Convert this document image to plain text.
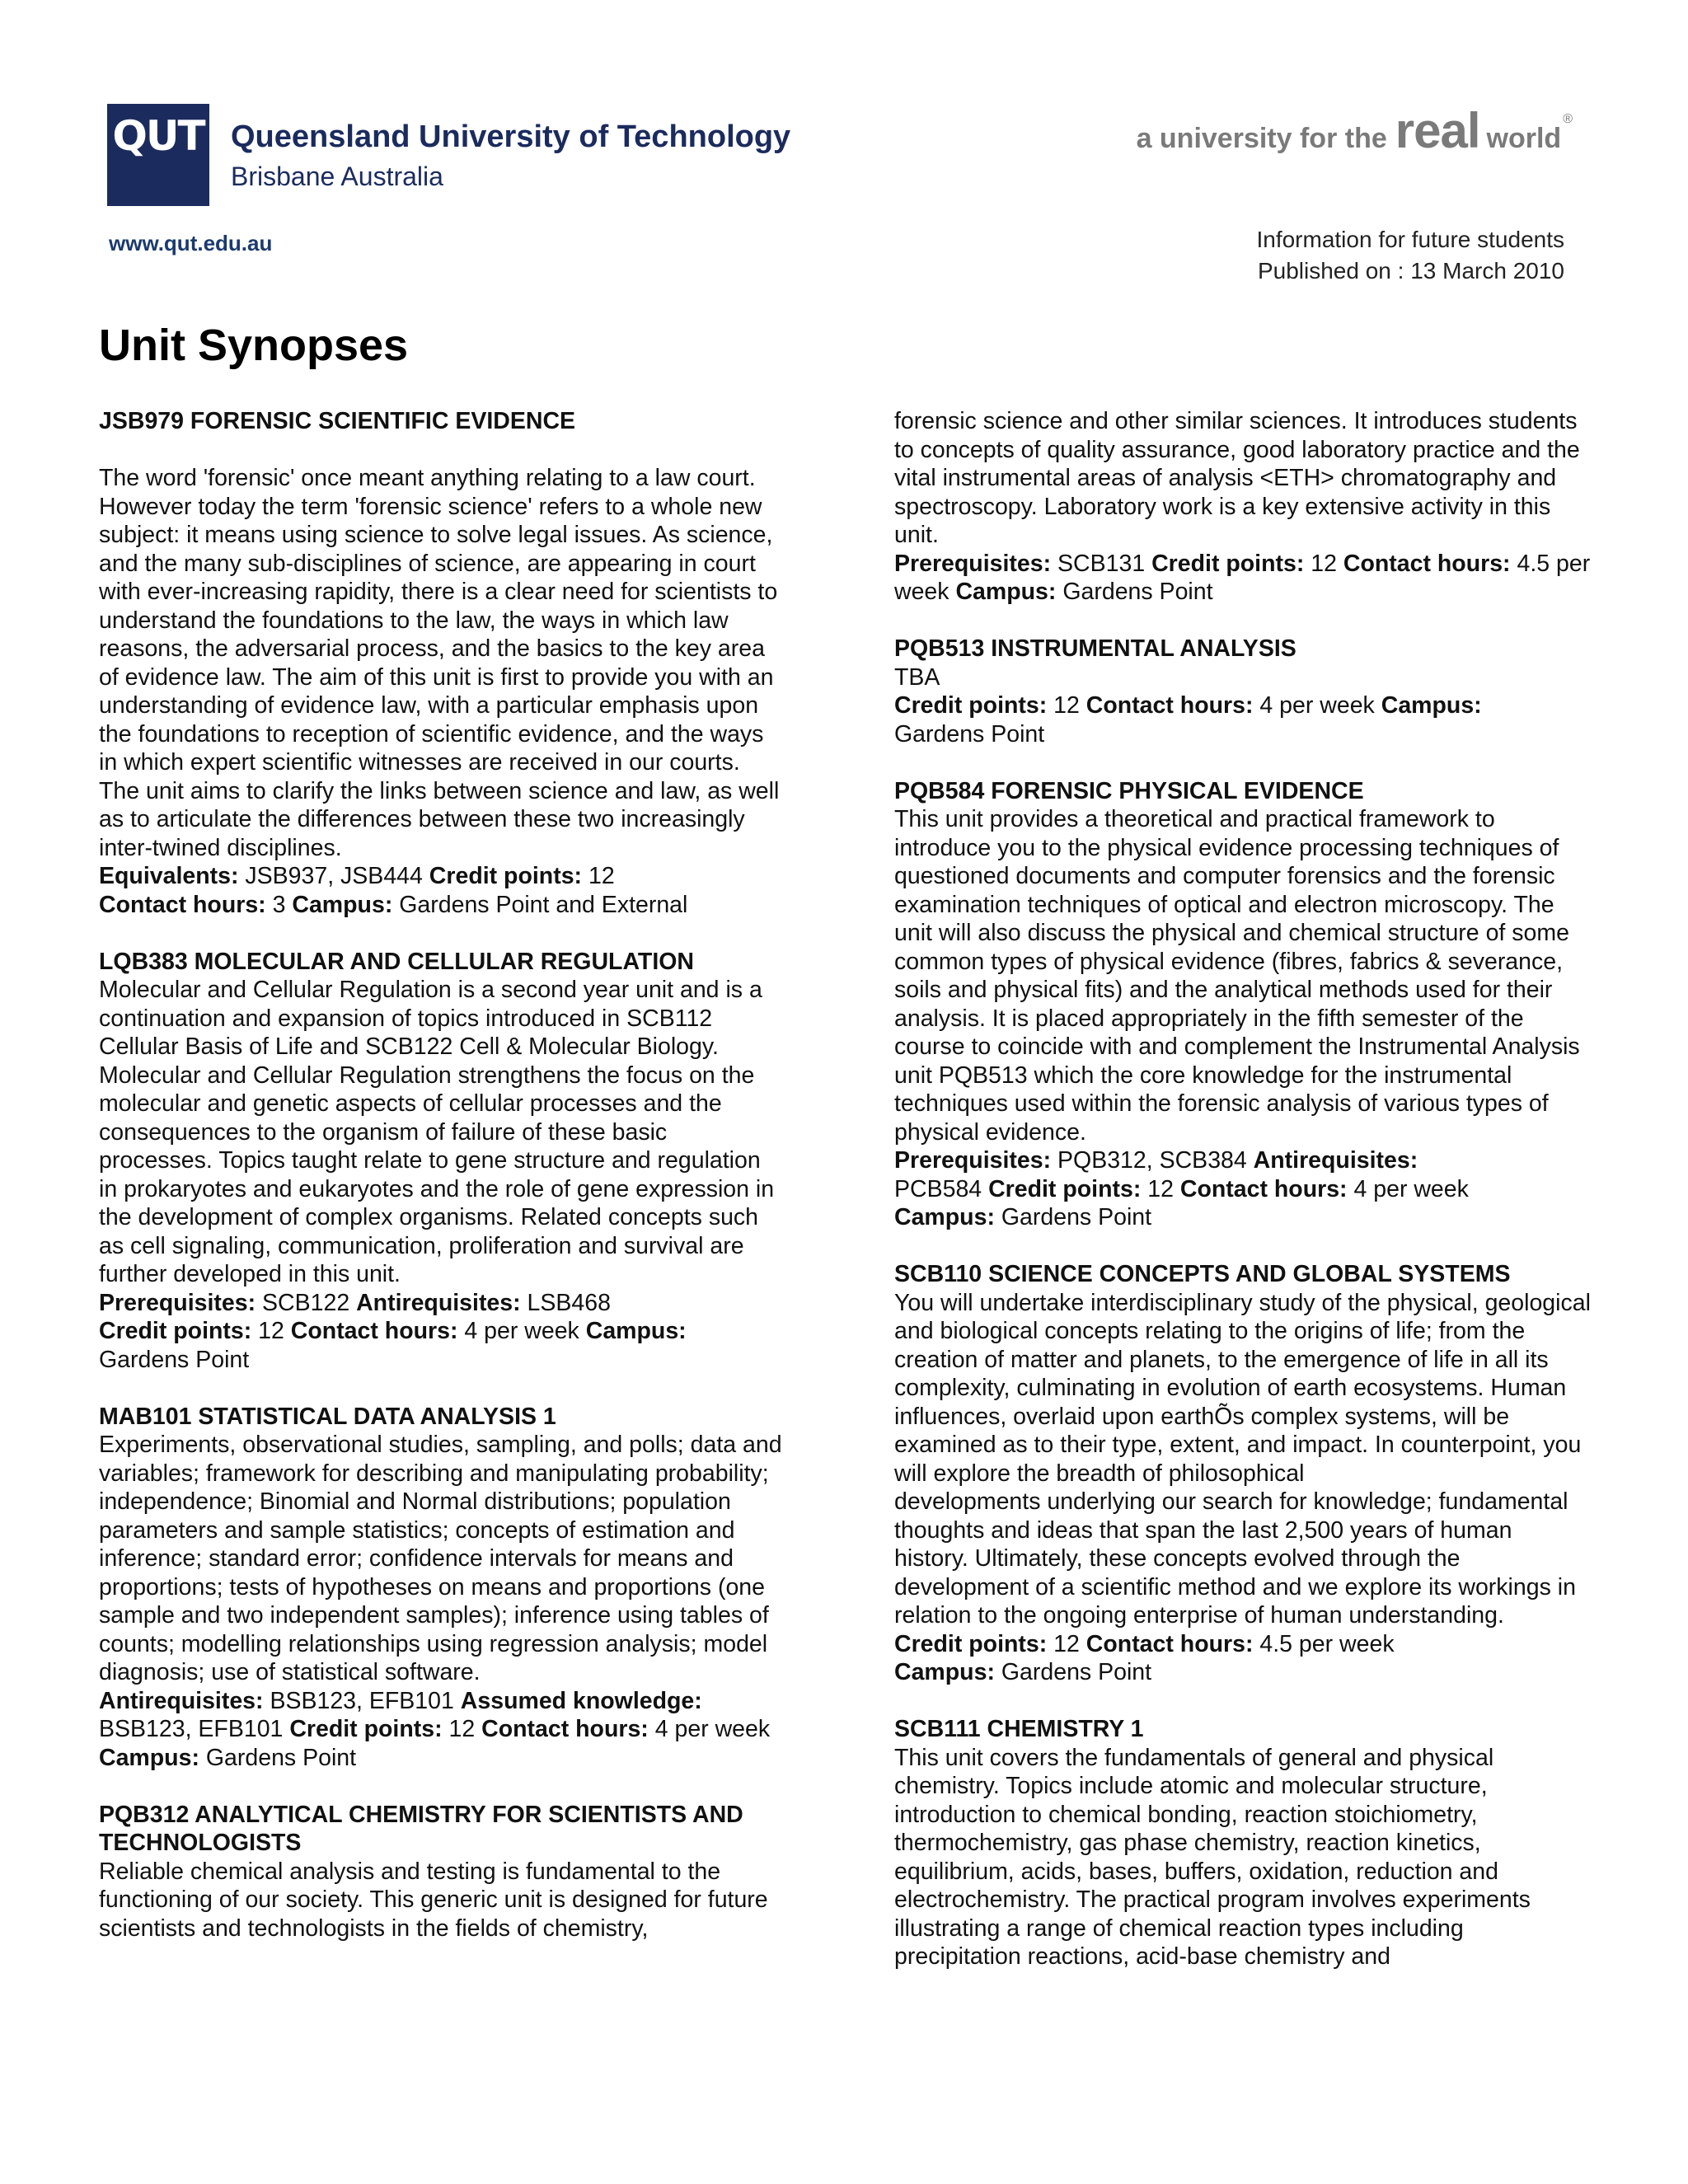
QUT Queensland University of Technology
Brisbane Australia
www.qut.edu.au
a university for the real world
®
Information for future students
Published on : 13 March 2010
Unit Synopses
JSB979 FORENSIC SCIENTIFIC EVIDENCE
The word 'forensic' once meant anything relating to a law court. However today the term 'forensic science' refers to a whole new subject: it means using science to solve legal issues. As science, and the many sub-disciplines of science, are appearing in court with ever-increasing rapidity, there is a clear need for scientists to understand the foundations to the law, the ways in which law reasons, the adversarial process, and the basics to the key area of evidence law. The aim of this unit is first to provide you with an understanding of evidence law, with a particular emphasis upon the foundations to reception of scientific evidence, and the ways in which expert scientific witnesses are received in our courts. The unit aims to clarify the links between science and law, as well as to articulate the differences between these two increasingly inter-twined disciplines.
Equivalents: JSB937, JSB444 Credit points: 12
Contact hours: 3 Campus: Gardens Point and External
LQB383 MOLECULAR AND CELLULAR REGULATION
Molecular and Cellular Regulation is a second year unit and is a continuation and expansion of topics introduced in SCB112 Cellular Basis of Life and SCB122 Cell & Molecular Biology. Molecular and Cellular Regulation strengthens the focus on the molecular and genetic aspects of cellular processes and the consequences to the organism of failure of these basic processes. Topics taught relate to gene structure and regulation in prokaryotes and eukaryotes and the role of gene expression in the development of complex organisms. Related concepts such as cell signaling, communication, proliferation and survival are further developed in this unit.
Prerequisites: SCB122 Antirequisites: LSB468
Credit points: 12 Contact hours: 4 per week Campus:
Gardens Point
MAB101 STATISTICAL DATA ANALYSIS 1
Experiments, observational studies, sampling, and polls; data and variables; framework for describing and manipulating probability; independence; Binomial and Normal distributions; population parameters and sample statistics; concepts of estimation and inference; standard error; confidence intervals for means and proportions; tests of hypotheses on means and proportions (one sample and two independent samples); inference using tables of counts; modelling relationships using regression analysis; model diagnosis; use of statistical software.
Antirequisites: BSB123, EFB101 Assumed knowledge:
BSB123, EFB101 Credit points: 12 Contact hours: 4 per week Campus: Gardens Point
PQB312 ANALYTICAL CHEMISTRY FOR SCIENTISTS AND TECHNOLOGISTS
Reliable chemical analysis and testing is fundamental to the functioning of our society. This generic unit is designed for future scientists and technologists in the fields of chemistry,
forensic science and other similar sciences. It introduces students to concepts of quality assurance, good laboratory practice and the vital instrumental areas of analysis <ETH> chromatography and spectroscopy. Laboratory work is a key extensive activity in this unit.
Prerequisites: SCB131 Credit points: 12 Contact hours: 4.5 per week Campus: Gardens Point
PQB513 INSTRUMENTAL ANALYSIS
TBA
Credit points: 12 Contact hours: 4 per week Campus:
Gardens Point
PQB584 FORENSIC PHYSICAL EVIDENCE
This unit provides a theoretical and practical framework to introduce you to the physical evidence processing techniques of questioned documents and computer forensics and the forensic examination techniques of optical and electron microscopy. The unit will also discuss the physical and chemical structure of some common types of physical evidence (fibres, fabrics & severance, soils and physical fits) and the analytical methods used for their analysis. It is placed appropriately in the fifth semester of the course to coincide with and complement the Instrumental Analysis unit PQB513 which the core knowledge for the instrumental techniques used within the forensic analysis of various types of physical evidence.
Prerequisites: PQB312, SCB384 Antirequisites:
PCB584 Credit points: 12 Contact hours: 4 per week
Campus: Gardens Point
SCB110 SCIENCE CONCEPTS AND GLOBAL SYSTEMS
You will undertake interdisciplinary study of the physical, geological and biological concepts relating to the origins of life; from the creation of matter and planets, to the emergence of life in all its complexity, culminating in evolution of earth ecosystems. Human influences, overlaid upon earthÕs complex systems, will be examined as to their type, extent, and impact. In counterpoint, you will explore the breadth of philosophical
developments underlying our search for knowledge; fundamental thoughts and ideas that span the last 2,500 years of human history. Ultimately, these concepts evolved through the development of a scientific method and we explore its workings in relation to the ongoing enterprise of human understanding.
Credit points: 12 Contact hours: 4.5 per week
Campus: Gardens Point
SCB111 CHEMISTRY 1
This unit covers the fundamentals of general and physical chemistry. Topics include atomic and molecular structure, introduction to chemical bonding, reaction stoichiometry, thermochemistry, gas phase chemistry, reaction kinetics, equilibrium, acids, bases, buffers, oxidation, reduction and electrochemistry. The practical program involves experiments illustrating a range of chemical reaction types including precipitation reactions, acid-base chemistry and
